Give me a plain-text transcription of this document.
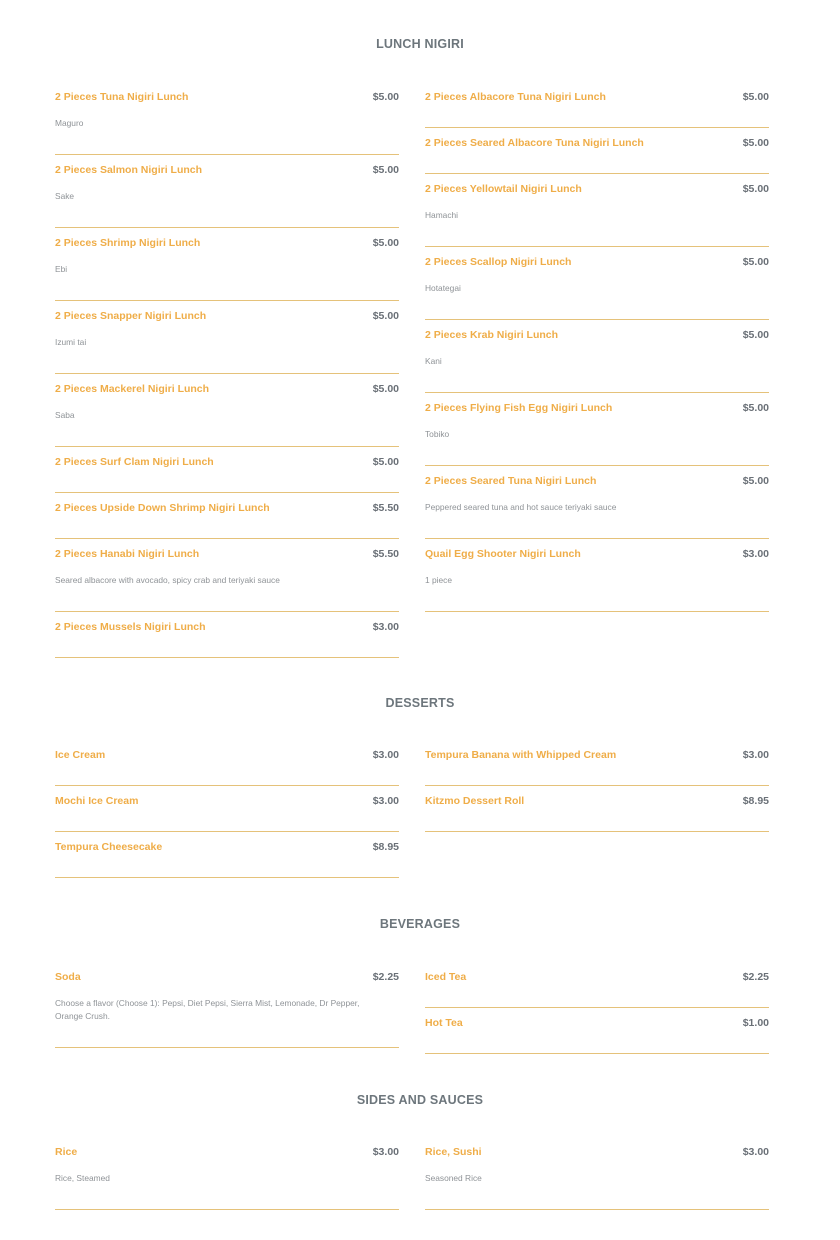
LUNCH NIGIRI
2 Pieces Tuna Nigiri Lunch	$5.00
Maguro
2 Pieces Salmon Nigiri Lunch	$5.00
Sake
2 Pieces Shrimp Nigiri Lunch	$5.00
Ebi
2 Pieces Snapper Nigiri Lunch	$5.00
Izumi tai
2 Pieces Mackerel Nigiri Lunch	$5.00
Saba
2 Pieces Surf Clam Nigiri Lunch	$5.00
2 Pieces Upside Down Shrimp Nigiri Lunch	$5.50
2 Pieces Hanabi Nigiri Lunch	$5.50
Seared albacore with avocado, spicy crab and teriyaki sauce
2 Pieces Mussels Nigiri Lunch	$3.00
2 Pieces Albacore Tuna Nigiri Lunch	$5.00
2 Pieces Seared Albacore Tuna Nigiri Lunch	$5.00
2 Pieces Yellowtail Nigiri Lunch	$5.00
Hamachi
2 Pieces Scallop Nigiri Lunch	$5.00
Hotategai
2 Pieces Krab Nigiri Lunch	$5.00
Kani
2 Pieces Flying Fish Egg Nigiri Lunch	$5.00
Tobiko
2 Pieces Seared Tuna Nigiri Lunch	$5.00
Peppered seared tuna and hot sauce teriyaki sauce
Quail Egg Shooter Nigiri Lunch	$3.00
1 piece
DESSERTS
Ice Cream	$3.00
Mochi Ice Cream	$3.00
Tempura Cheesecake	$8.95
Tempura Banana with Whipped Cream	$3.00
Kitzmo Dessert Roll	$8.95
BEVERAGES
Soda	$2.25
Choose a flavor (Choose 1): Pepsi, Diet Pepsi, Sierra Mist, Lemonade, Dr Pepper, Orange Crush.
Iced Tea	$2.25
Hot Tea	$1.00
SIDES AND SAUCES
Rice	$3.00
Rice, Steamed
Rice, Sushi	$3.00
Seasoned Rice
